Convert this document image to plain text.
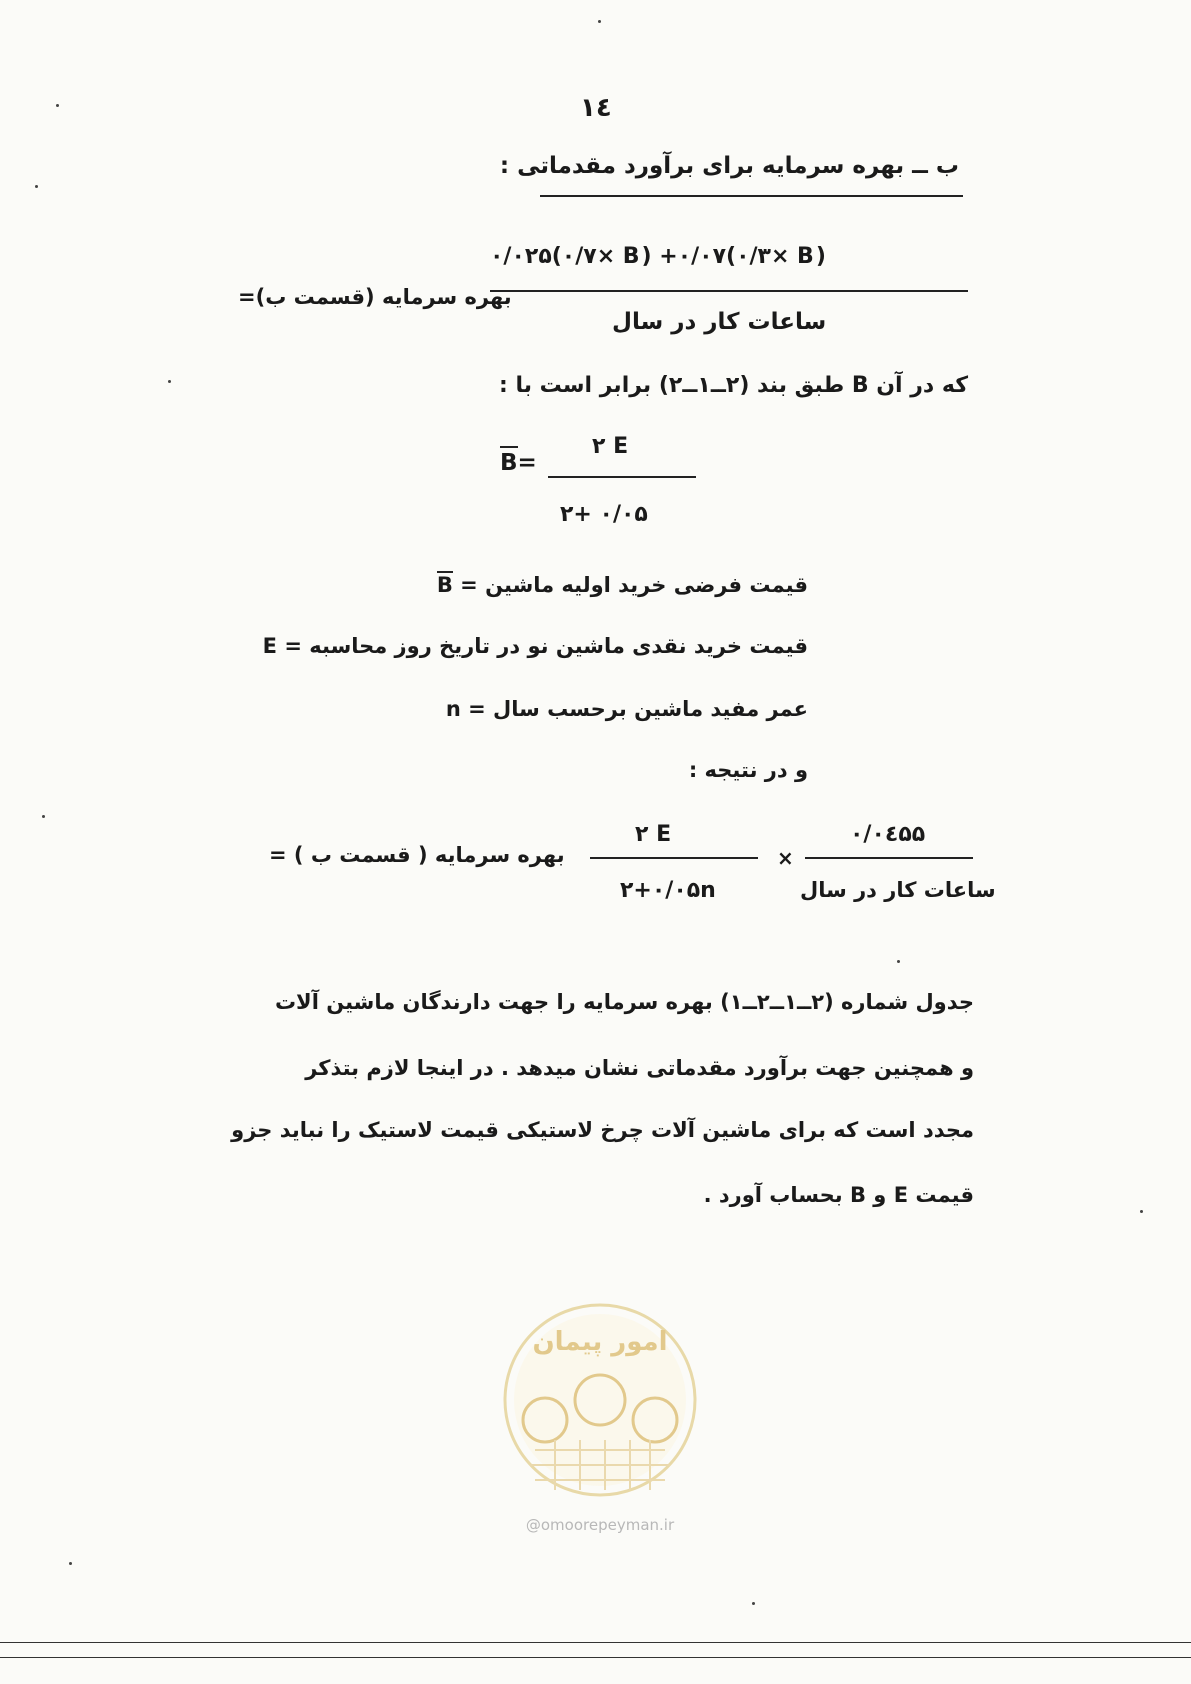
١٤
ب ــ بهره سرمایه برای برآورد مقدماتی :
۰/۰۲۵(۰/۷× B) +۰/۰۷(۰/۳× B)
بهره سرمایه (قسمت ب)=
ساعات کار در سال
که در آن B طبق بند (۲ــ۱ــ۲) برابر است با :
B=
۲ E
۲+ ۰/۰۵
B = قیمت فرضی خرید اولیه ماشین
E = قیمت خرید نقدی ماشین نو در تاریخ روز محاسبه
n = عمر مفید ماشین برحسب سال
و در نتیجه :
بهره سرمایه ( قسمت ب ) =
۲ E
۲+۰/۰۵n
×
۰/۰٤۵۵
ساعات کار در سال
جدول شماره (۲ــ۱ــ۲ــ۱) بهره سرمایه را جهت دارندگان ماشین آلات
و همچنین جهت برآورد مقدماتی نشان میدهد . در اینجا لازم بتذکر
مجدد است که برای ماشین آلات چرخ لاستیکی قیمت لاستیک را نباید جزو
قیمت E و B بحساب آورد .
امور پیمان
@omoorepeyman.ir
